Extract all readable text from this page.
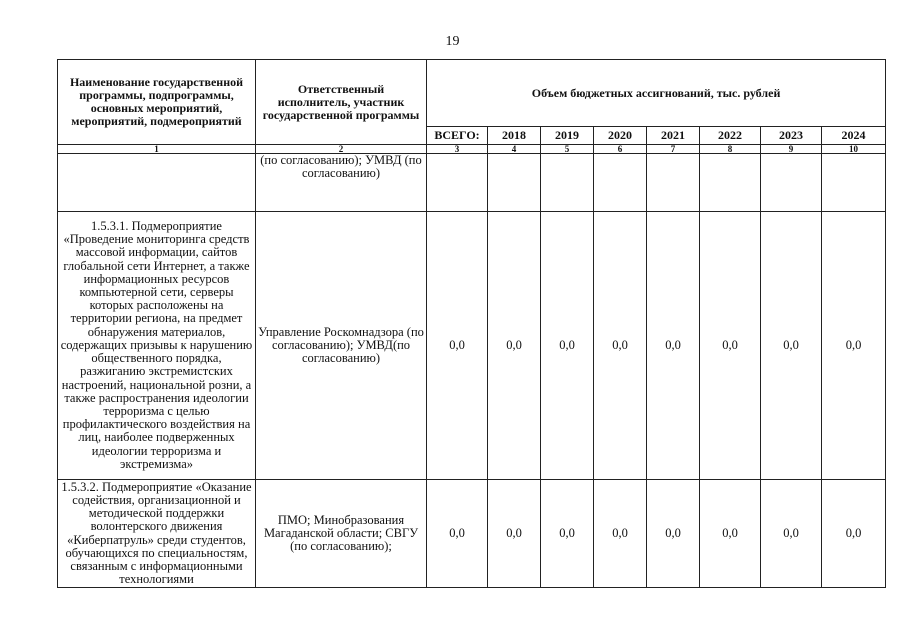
19
Наименование государственной программы, подпрограммы, основных мероприятий, мероприятий, подмероприятий	Ответственный исполнитель, участник государственной программы	Объем бюджетных ассигнований, тыс. рублей							
		ВСЕГО:	2018	2019	2020	2021	2022	2023	2024
1	2	3	4	5	6	7	8	9	10
	(по согласованию); УМВД (по согласованию)								
1.5.3.1. Подмероприятие «Проведение мониторинга средств массовой информации, сайтов глобальной сети Интернет, а также информационных ресурсов компьютерной сети, серверы которых расположены на территории региона, на предмет обнаружения материалов, содержащих призывы к нарушению общественного порядка, разжиганию экстремистских настроений, национальной розни, а также распространения идеологии терроризма с целью профилактического воздействия на лиц, наиболее подверженных идеологии терроризма и экстремизма»	Управление Роскомнадзора (по согласованию); УМВД(по согласованию)	0,0	0,0	0,0	0,0	0,0	0,0	0,0	0,0
1.5.3.2. Подмероприятие «Оказание содействия, организационной и методической поддержки волонтерского движения «Киберпатруль» среди студентов, обучающихся по специальностям, связанным с информационными технологиями	ПМО; Минобразования Магаданской области; СВГУ (по согласованию);	0,0	0,0	0,0	0,0	0,0	0,0	0,0	0,0
